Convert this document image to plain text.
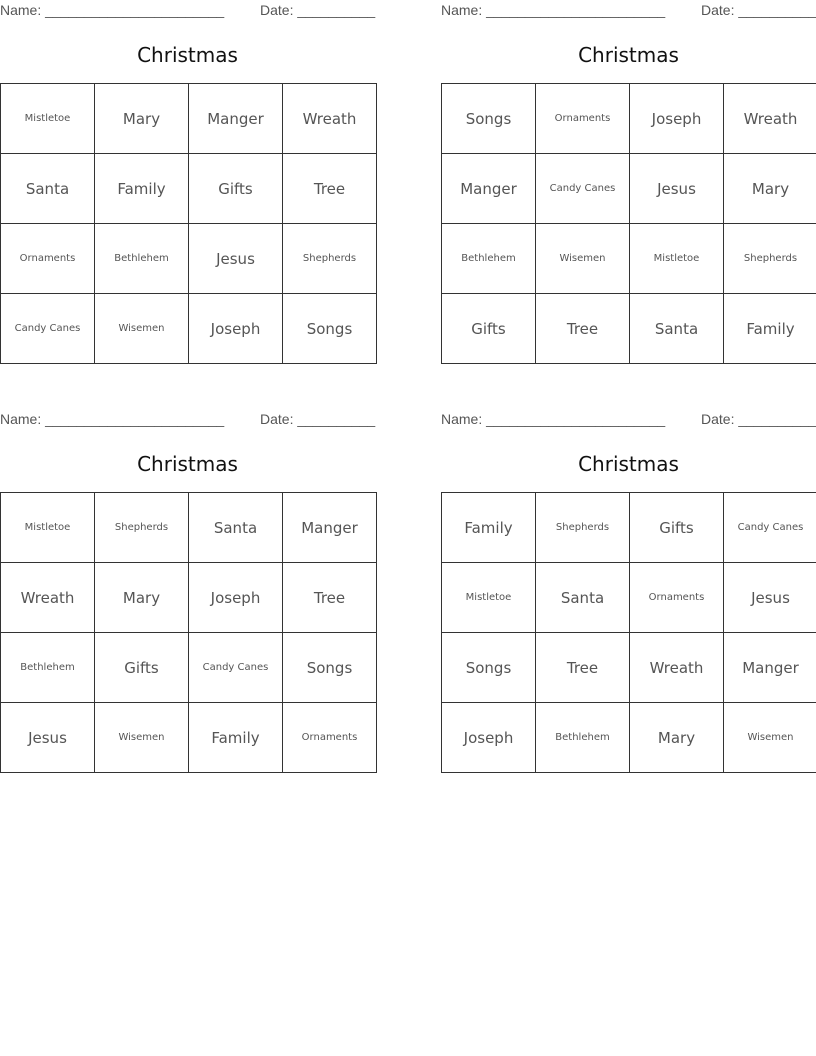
Name: _______________________	Date: __________
Christmas
Mistletoe	Mary	Manger	Wreath
Santa	Family	Gifts	Tree
Ornaments	Bethlehem	Jesus	Shepherds
Candy Canes	Wisemen	Joseph	Songs
Name: _______________________	Date: __________
Christmas
Songs	Ornaments	Joseph	Wreath
Manger	Candy Canes	Jesus	Mary
Bethlehem	Wisemen	Mistletoe	Shepherds
Gifts	Tree	Santa	Family
Name: _______________________	Date: __________
Christmas
Mistletoe	Shepherds	Santa	Manger
Wreath	Mary	Joseph	Tree
Bethlehem	Gifts	Candy Canes	Songs
Jesus	Wisemen	Family	Ornaments
Name: _______________________	Date: __________
Christmas
Family	Shepherds	Gifts	Candy Canes
Mistletoe	Santa	Ornaments	Jesus
Songs	Tree	Wreath	Manger
Joseph	Bethlehem	Mary	Wisemen
